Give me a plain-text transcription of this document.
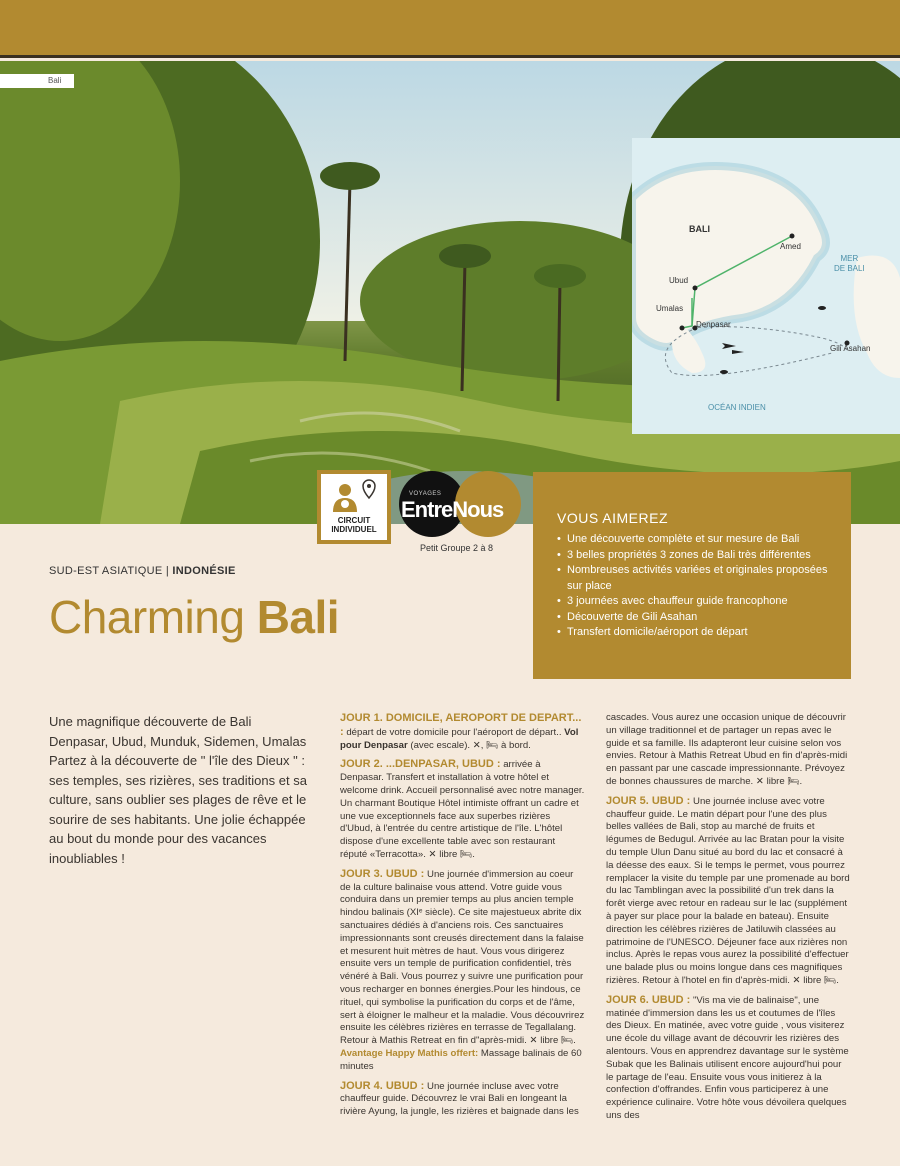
Bali
BALI
Amed
Ubud
Umalas
Denpasar
Gili Asahan
MER
DE BALI
OCÉAN INDIEN
CIRCUIT
INDIVIDUEL
VOYAGES
EntreNous
Petit Groupe 2 à 8
VOUS AIMEREZ
• Une découverte complète et sur mesure de Bali
• 3 belles propriétés 3 zones de Bali très différentes
• Nombreuses activités variées et originales proposées sur place
• 3 journées avec chauffeur guide francophone
• Découverte de Gili Asahan
• Transfert domicile/aéroport de départ
SUD-EST ASIATIQUE | INDONÉSIE
Charming Bali
Une magnifique découverte de Bali Denpasar, Ubud, Munduk, Sidemen, Umalas Partez à la découverte de " l'île des Dieux " : ses temples, ses rizières, ses traditions et sa culture, sans oublier ses plages de rêve et le sourire de ses habitants. Une jolie échappée au bout du monde pour des vacances inoubliables !

JOUR 1. DOMICILE, AEROPORT DE DEPART... : départ de votre domicile pour l'aéroport de départ.. Vol pour Denpasar (avec escale). ✕, 🛏 à bord.

JOUR 2. ...DENPASAR, UBUD : arrivée à Denpasar. Transfert et installation à votre hôtel et welcome drink. Accueil personnalisé avec notre manager. Un charmant Boutique Hôtel intimiste offrant un cadre et une vue exceptionnels face aux superbes rizières d'Ubud, à l'entrée du centre artistique de l'île. L'hôtel dispose d'une excellente table avec son restaurant réputé «Terracotta». ✕ libre 🛏.

JOUR 3. UBUD : Une journée d'immersion au coeur de la culture balinaise vous attend. Votre guide vous conduira dans un premier temps au plus ancien temple hindou balinais (XIᵉ siècle). Ce site majestueux abrite dix sanctuaires dédiés à d'anciens rois. Ces sanctuaires impressionnants sont creusés directement dans la falaise et mesurent huit mètres de haut. Vous vous dirigerez ensuite vers un temple de purification confidentiel, très vénéré à Bali. Vous pourrez y suivre une purification pour vous recharger en bonnes énergies.Pour les hindous, ce rituel, qui symbolise la purification du corps et de l'âme, sert à éloigner le malheur et la maladie. Vous découvrirez ensuite les célèbres rizières en terrasse de Tegallalang. Retour à Mathis Retreat en fin d"après-midi. ✕ libre 🛏. Avantage Happy Mathis offert: Massage balinais de 60 minutes

JOUR 4. UBUD : Une journée incluse avec votre chauffeur guide. Découvrez le vrai Bali en longeant la rivière Ayung, la jungle, les rizières et baignade dans les

cascades. Vous aurez une occasion unique de découvrir un village traditionnel et de partager un repas avec le guide et sa famille. Ils adapteront leur cuisine selon vos envies. Retour à Mathis Retreat Ubud en fin d'après-midi en passant par une cascade impressionnante. Prévoyez de bonnes chaussures de marche. ✕ libre 🛏.

JOUR 5. UBUD : Une journée incluse avec votre chauffeur guide. Le matin départ pour l'une des plus belles vallées de Bali, stop au marché de fruits et légumes de Bedugul. Arrivée au lac Bratan pour la visite du temple Ulun Danu situé au bord du lac et consacré à la déesse des eaux. Si le temps le permet, vous pourrez remplacer la visite du temple par une promenade au bord du lac Tamblingan avec la possibilité d'un trek dans la forêt vierge avec retour en radeau sur le lac (supplément à payer sur place pour la balade en bateau). Ensuite direction les célèbres rizières de Jatiluwih classées au patrimoine de l'UNESCO. Déjeuner face aux rizières non inclus. Après le repas vous aurez la possibilité d'effectuer une balade plus ou moins longue dans ces magnifiques rizières. Retour à l'hotel en fin d'après-midi. ✕ libre 🛏.

JOUR 6. UBUD : "Vis ma vie de balinaise", une matinée d'immersion dans les us et coutumes de l'îles des Dieux. En matinée, avec votre guide , vous visiterez une école du village avant de découvrir les rizières des alentours. Vous en apprendrez davantage sur le système Subak que les Balinais utilisent encore aujourd'hui pour le partage de l'eau. Ensuite vous vous initierez à la confection d'offrandes. Enfin vous participerez à une expérience culinaire. Votre hôte vous dévoilera quelques uns des
